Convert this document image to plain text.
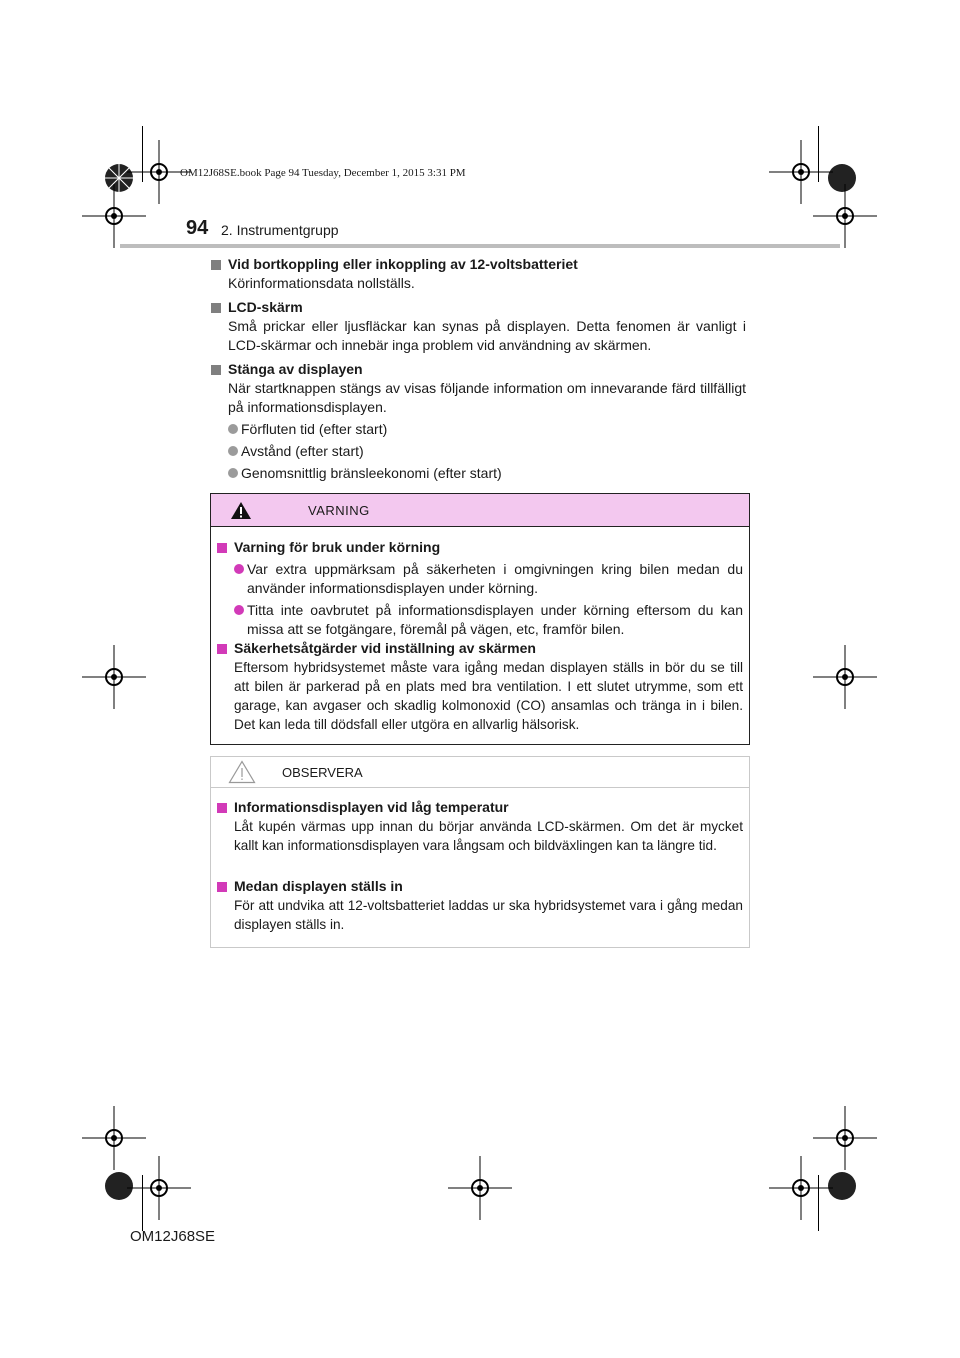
OM12J68SE.book Page 94 Tuesday, December 1, 2015 3:31 PM
94 2. Instrumentgrupp

Vid bortkoppling eller inkoppling av 12-voltsbatteriet

Körinformationsdata nollställs.

LCD-skärm

Små prickar eller ljusfläckar kan synas på displayen. Detta fenomen är vanligt i LCD-skärmar och innebär inga problem vid användning av skärmen.

Stänga av displayen

När startknappen stängs av visas följande information om innevarande färd tillfälligt på informationsdisplayen.

Förfluten tid (efter start)
Avstånd (efter start)
Genomsnittlig bränsleekonomi (efter start)
VARNING

Varning för bruk under körning

Var extra uppmärksam på säkerheten i omgivningen kring bilen medan du använder informationsdisplayen under körning.
Titta inte oavbrutet på informationsdisplayen under körning eftersom du kan missa att se fotgängare, föremål på vägen, etc, framför bilen.

Säkerhetsåtgärder vid inställning av skärmen

Eftersom hybridsystemet måste vara igång medan displayen ställs in bör du se till att bilen är parkerad på en plats med bra ventilation. I ett slutet utrymme, som ett garage, kan avgaser och skadlig kolmonoxid (CO) ansamlas och tränga in i bilen. Det kan leda till dödsfall eller utgöra en allvarlig hälsorisk.

OBSERVERA

Informationsdisplayen vid låg temperatur

Låt kupén värmas upp innan du börjar använda LCD-skärmen. Om det är mycket kallt kan informationsdisplayen vara långsam och bildväxlingen kan ta längre tid.

Medan displayen ställs in

För att undvika att 12-voltsbatteriet laddas ur ska hybridsystemet vara i gång medan displayen ställs in.

OM12J68SE
